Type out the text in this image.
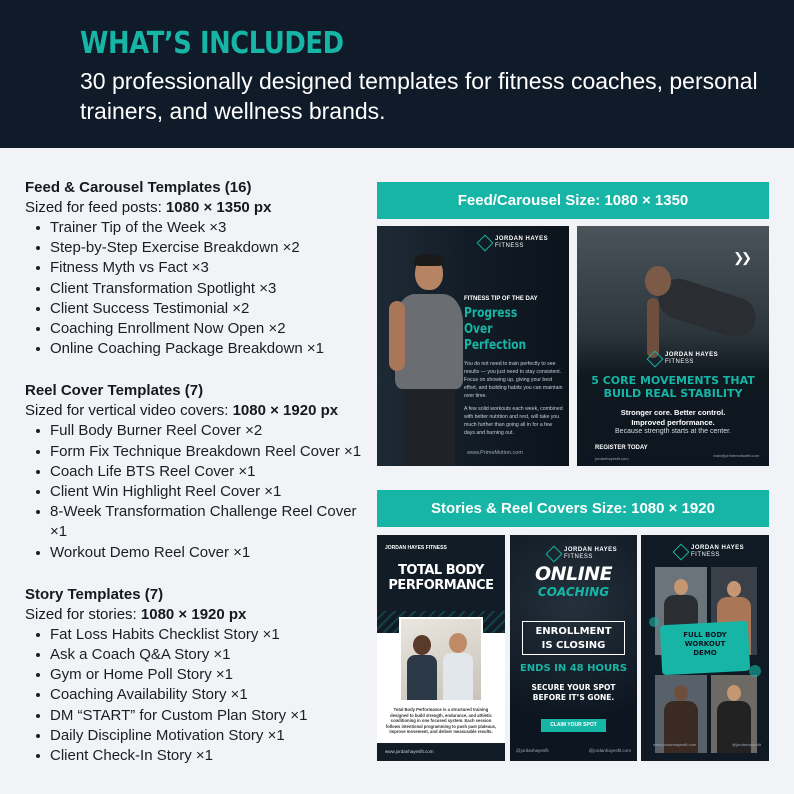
WHAT’S INCLUDED

30 professionally designed templates for fitness coaches, personal trainers, and wellness brands.

Feed & Carousel Templates (16)
Sized for feed posts: 1080 × 1350 px
Trainer Tip of the Week ×3
Step-by-Step Exercise Breakdown ×2
Fitness Myth vs Fact ×3
Client Transformation Spotlight ×3
Client Success Testimonial ×2
Coaching Enrollment Now Open ×2
Online Coaching Package Breakdown ×1
Reel Cover Templates (7)
Sized for vertical video covers: 1080 × 1920 px
Full Body Burner Reel Cover ×2
Form Fix Technique Breakdown Reel Cover ×1
Coach Life BTS Reel Cover ×1
Client Win Highlight Reel Cover ×1
8-Week Transformation Challenge Reel Cover ×1
Workout Demo Reel Cover ×1
Story Templates (7)
Sized for stories: 1080 × 1920 px
Fat Loss Habits Checklist Story ×1
Ask a Coach Q&A Story ×1
Gym or Home Poll Story ×1
Coaching Availability Story ×1
DM “START” for Custom Plan Story ×1
Daily Discipline Motivation Story ×1
Client Check-In Story ×1
Feed/Carousel Size: 1080 × 1350
JORDAN HAYES
FITNESS
FITNESS TIP OF THE DAY
Progress
Over
Perfection
You do not need to train perfectly to see results — you just need to stay consistent. Focus on showing up, giving your best effort, and building habits you can maintain over time.
A few solid workouts each week, combined with better nutrition and rest, will take you much further than going all in for a few days and burning out.
www.PrimeMotion.com
❯❯
JORDAN HAYES
FITNESS
5 CORE MOVEMENTS THAT
BUILD REAL STABILITY
Stronger core. Better control.
Improved performance.
Because strength starts at the center.
REGISTER TODAY
jordanhayesfit.com
train@primemotionfit.com
Stories & Reel Covers Size: 1080 × 1920
JORDAN HAYES FITNESS
TOTAL BODY
PERFORMANCE
Total Body Performance is a structured training designed to build strength, endurance, and athletic conditioning in one focused system. Each session follows intentional programming to push past plateaus, improve movement, and deliver measurable results.
www.jordanhayesfit.com
JORDAN HAYES
FITNESS
ONLINE
COACHING
ENROLLMENT
IS CLOSING
ENDS IN 48 HOURS
SECURE YOUR SPOT
BEFORE IT’S GONE.
CLAIM YOUR SPOT
@jordanhayesfit	@jordanhayesfit.com
JORDAN HAYES
FITNESS
FULL BODY
WORKOUT
DEMO
www.jordanhayesfit.com	@jordanhayesfit
